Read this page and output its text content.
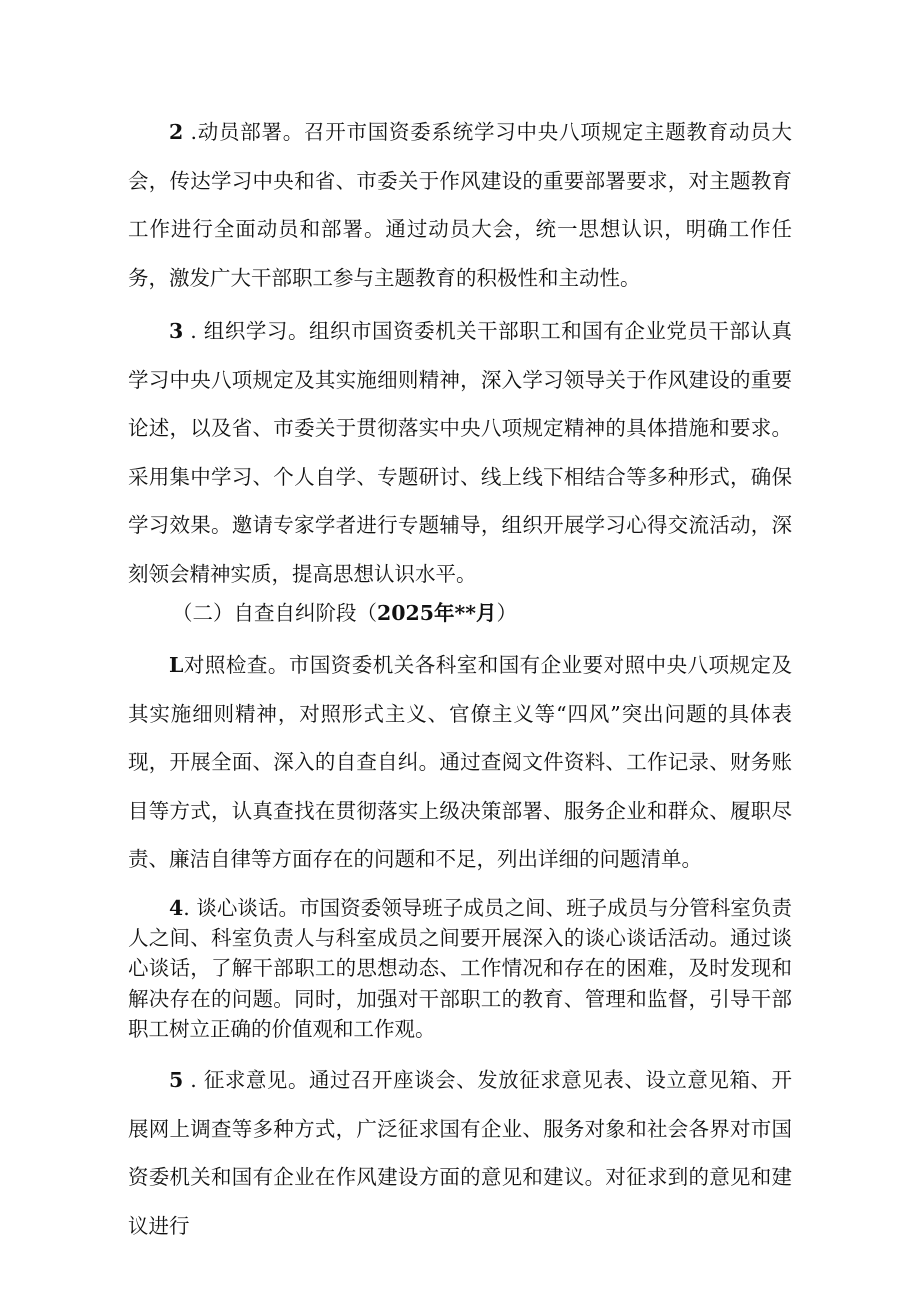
2 .动员部署。召开市国资委系统学习中央八项规定主题教育动员大会，传达学习中央和省、市委关于作风建设的重要部署要求，对主题教育工作进行全面动员和部署。通过动员大会，统一思想认识，明确工作任务，激发广大干部职工参与主题教育的积极性和主动性。

3 . 组织学习。组织市国资委机关干部职工和国有企业党员干部认真学习中央八项规定及其实施细则精神，深入学习领导关于作风建设的重要论述，以及省、市委关于贯彻落实中央八项规定精神的具体措施和要求。采用集中学习、个人自学、专题研讨、线上线下相结合等多种形式，确保学习效果。邀请专家学者进行专题辅导，组织开展学习心得交流活动，深刻领会精神实质，提高思想认识水平。

（二）自查自纠阶段（2025年**月）

L对照检查。市国资委机关各科室和国有企业要对照中央八项规定及其实施细则精神，对照形式主义、官僚主义等“四风”突出问题的具体表现，开展全面、深入的自查自纠。通过查阅文件资料、工作记录、财务账目等方式，认真查找在贯彻落实上级决策部署、服务企业和群众、履职尽责、廉洁自律等方面存在的问题和不足，列出详细的问题清单。

4. 谈心谈话。市国资委领导班子成员之间、班子成员与分管科室负责人之间、科室负责人与科室成员之间要开展深入的谈心谈话活动。通过谈心谈话，了解干部职工的思想动态、工作情况和存在的困难，及时发现和解决存在的问题。同时，加强对干部职工的教育、管理和监督，引导干部职工树立正确的价值观和工作观。

5 . 征求意见。通过召开座谈会、发放征求意见表、设立意见箱、开展网上调查等多种方式，广泛征求国有企业、服务对象和社会各界对市国资委机关和国有企业在作风建设方面的意见和建议。对征求到的意见和建议进行
